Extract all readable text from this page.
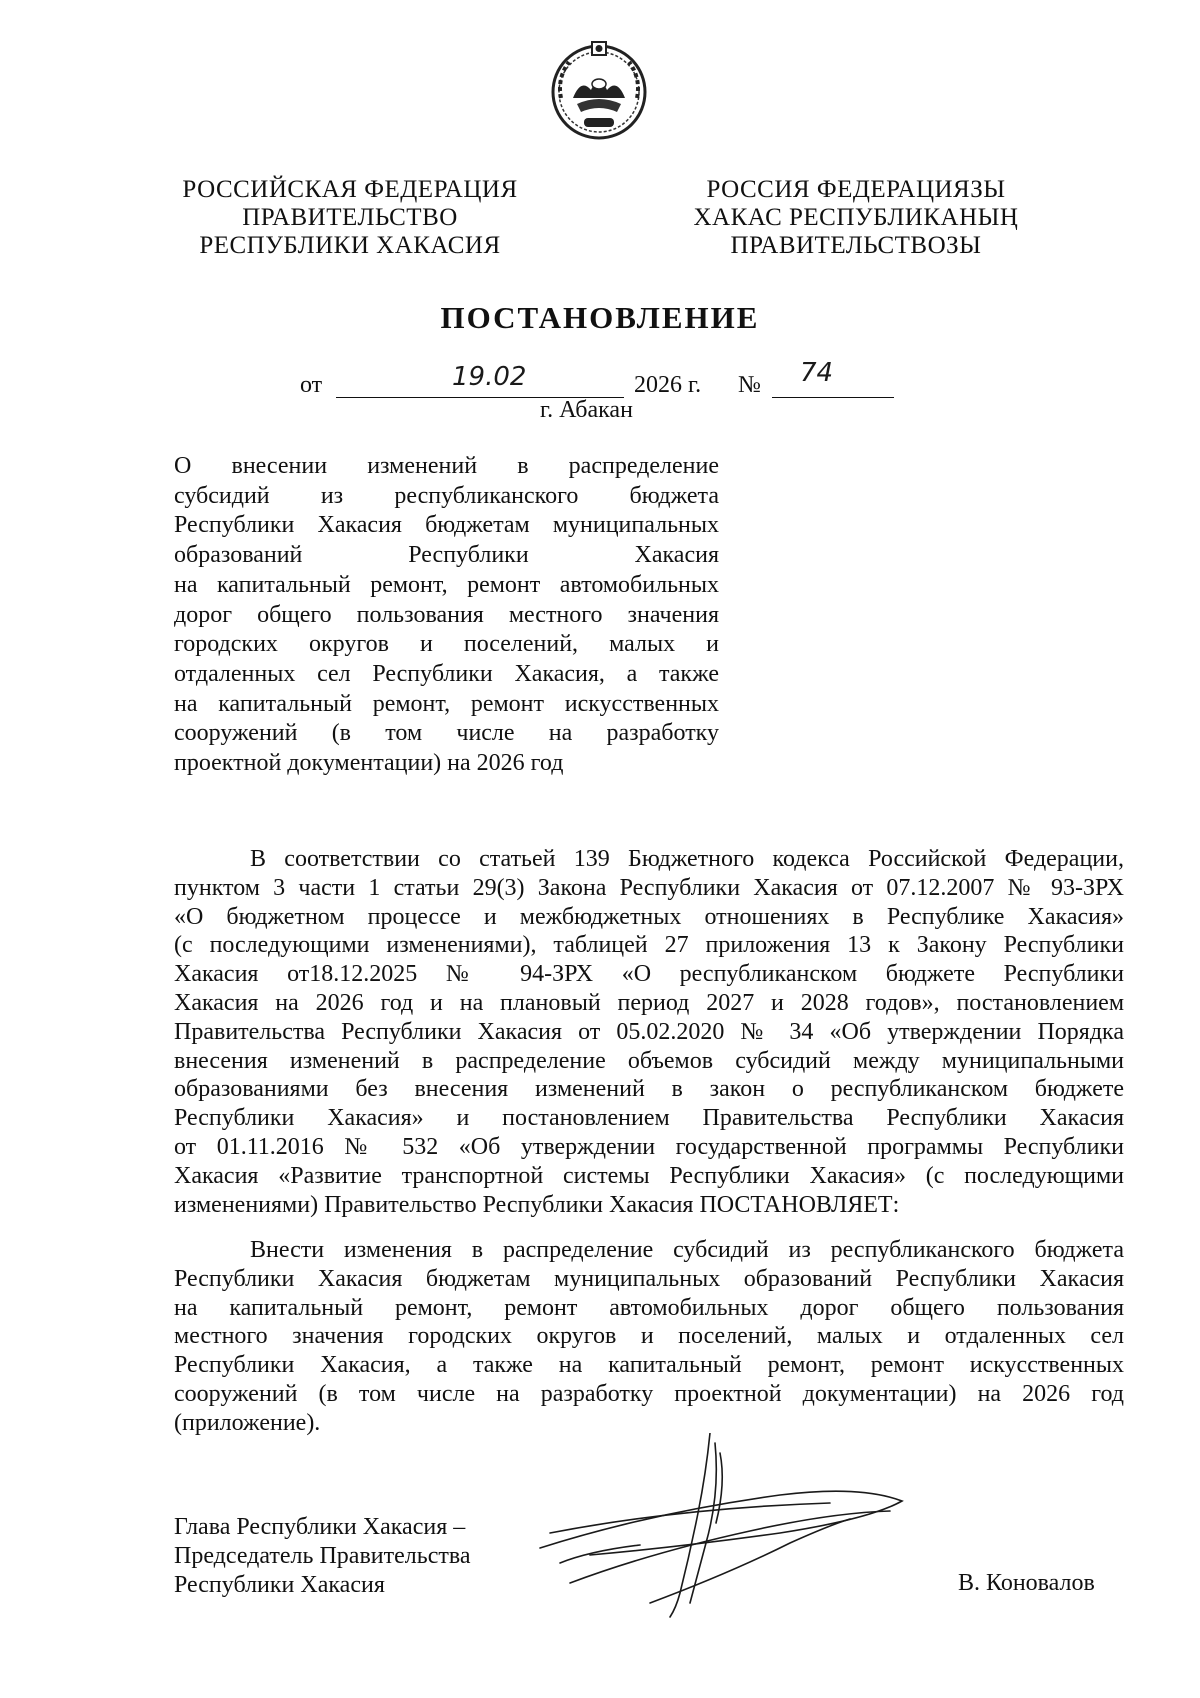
РОССИЙСКАЯ ФЕДЕРАЦИЯ
ПРАВИТЕЛЬСТВО
РЕСПУБЛИКИ ХАКАСИЯ
РОССИЯ ФЕДЕРАЦИЯЗЫ
ХАКАС РЕСПУБЛИКАНЫҢ
ПРАВИТЕЛЬСТВОЗЫ
ПОСТАНОВЛЕНИЕ
от	19.02	2026 г. № 74
г. Абакан
О внесении изменений в распределение
субсидий из республиканского бюджета
Республики Хакасия бюджетам муниципальных
образований Республики Хакасия
на капитальный ремонт, ремонт автомобильных
дорог общего пользования местного значения
городских округов и поселений, малых и
отдаленных сел Республики Хакасия, а также
на капитальный ремонт, ремонт искусственных
сооружений (в том числе на разработку
проектной документации) на 2026 год
В соответствии со статьей 139 Бюджетного кодекса Российской Федерации,
пунктом 3 части 1 статьи 29(3) Закона Республики Хакасия от 07.12.2007 № 93-ЗРХ
«О бюджетном процессе и межбюджетных отношениях в Республике Хакасия»
(с последующими изменениями), таблицей 27 приложения 13 к Закону Республики
Хакасия от18.12.2025 № 94-ЗРХ «О республиканском бюджете Республики
Хакасия на 2026 год и на плановый период 2027 и 2028 годов», постановлением
Правительства Республики Хакасия от 05.02.2020 № 34 «Об утверждении Порядка
внесения изменений в распределение объемов субсидий между муниципальными
образованиями без внесения изменений в закон о республиканском бюджете
Республики Хакасия» и постановлением Правительства Республики Хакасия
от 01.11.2016 № 532 «Об утверждении государственной программы Республики
Хакасия «Развитие транспортной системы Республики Хакасия» (с последующими
изменениями) Правительство Республики Хакасия ПОСТАНОВЛЯЕТ:
Внести изменения в распределение субсидий из республиканского бюджета
Республики Хакасия бюджетам муниципальных образований Республики Хакасия
на капитальный ремонт, ремонт автомобильных дорог общего пользования
местного значения городских округов и поселений, малых и отдаленных сел
Республики Хакасия, а также на капитальный ремонт, ремонт искусственных
сооружений (в том числе на разработку проектной документации) на 2026 год
(приложение).
Глава Республики Хакасия –
Председатель Правительства
Республики Хакасия	В. Коновалов
